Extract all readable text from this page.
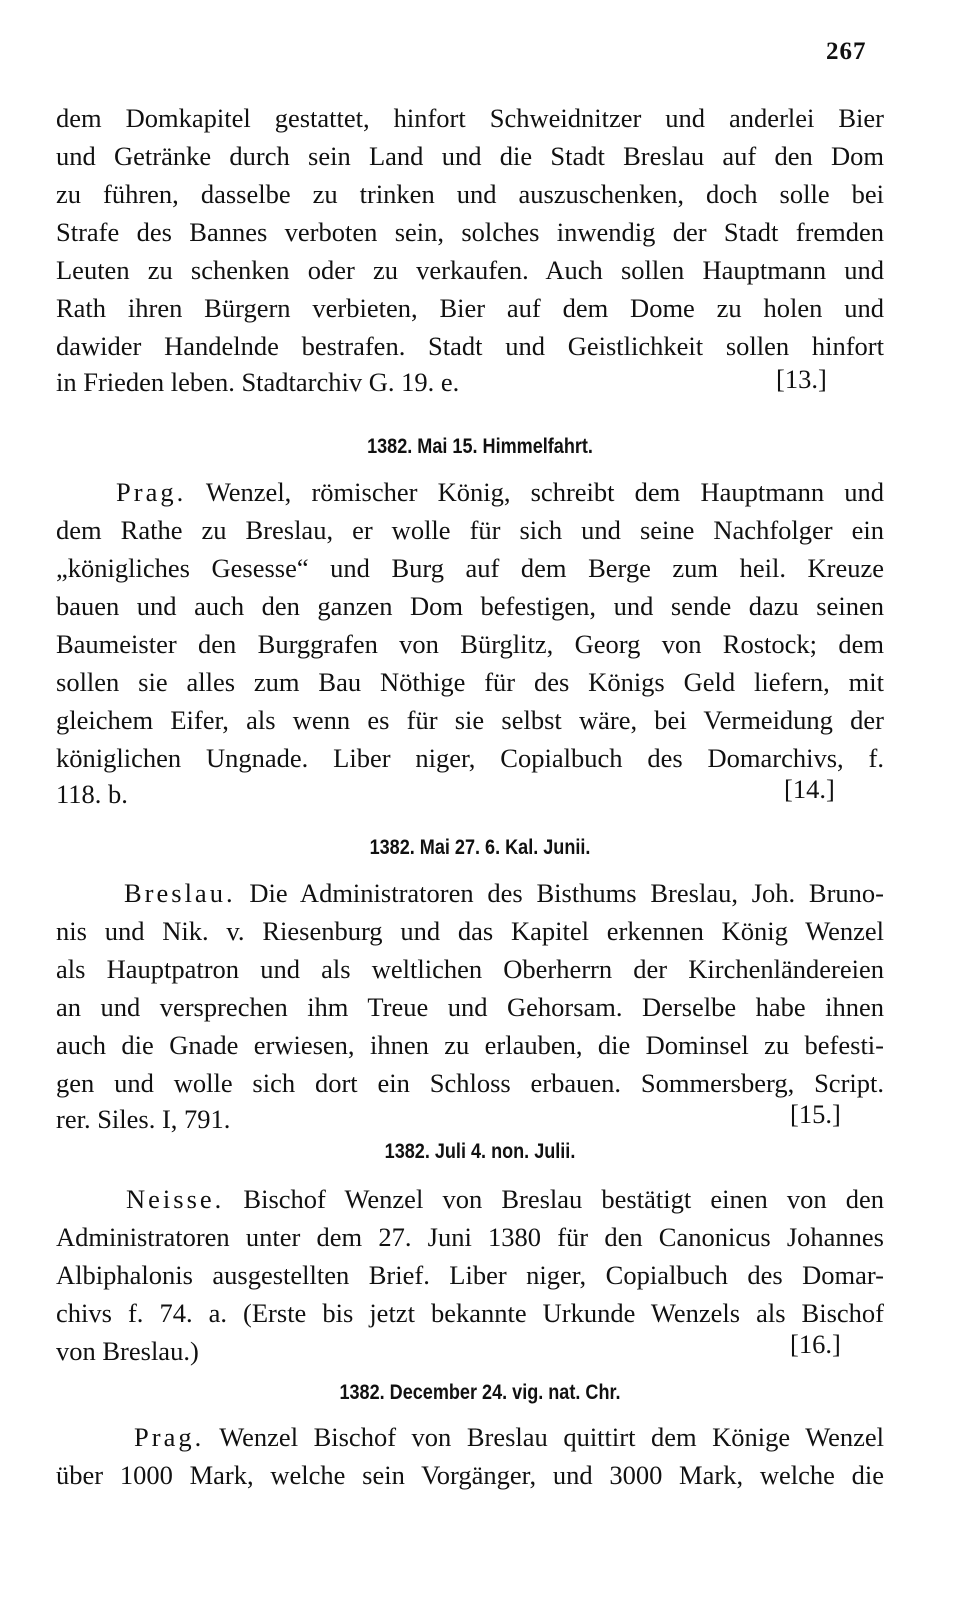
267
dem Domkapitel gestattet, hinfort Schweidnitzer und anderlei Bier
und Getränke durch sein Land und die Stadt Breslau auf den Dom
zu führen, dasselbe zu trinken und auszuschenken, doch solle bei
Strafe des Bannes verboten sein, solches inwendig der Stadt fremden
Leuten zu schenken oder zu verkaufen. Auch sollen Hauptmann und
Rath ihren Bürgern verbieten, Bier auf dem Dome zu holen und
dawider Handelnde bestrafen. Stadt und Geistlichkeit sollen hinfort
in Frieden leben. Stadtarchiv G. 19. e.	[13.]
1382. Mai 15. Himmelfahrt.
Prag. Wenzel, römischer König, schreibt dem Hauptmann und
dem Rathe zu Breslau, er wolle für sich und seine Nachfolger ein
„königliches Gesesse“ und Burg auf dem Berge zum heil. Kreuze
bauen und auch den ganzen Dom befestigen, und sende dazu seinen
Baumeister den Burggrafen von Bürglitz, Georg von Rostock; dem
sollen sie alles zum Bau Nöthige für des Königs Geld liefern, mit
gleichem Eifer, als wenn es für sie selbst wäre, bei Vermeidung der
königlichen Ungnade. Liber niger, Copialbuch des Domarchivs, f.
118. b.	[14.]
1382. Mai 27. 6. Kal. Junii.
Breslau. Die Administratoren des Bisthums Breslau, Joh. Bruno-
nis und Nik. v. Riesenburg und das Kapitel erkennen König Wenzel
als Hauptpatron und als weltlichen Oberherrn der Kirchenländereien
an und versprechen ihm Treue und Gehorsam. Derselbe habe ihnen
auch die Gnade erwiesen, ihnen zu erlauben, die Dominsel zu befesti-
gen und wolle sich dort ein Schloss erbauen. Sommersberg, Script.
rer. Siles. I, 791.	[15.]
1382. Juli 4. non. Julii.
Neisse. Bischof Wenzel von Breslau bestätigt einen von den
Administratoren unter dem 27. Juni 1380 für den Canonicus Johannes
Albiphalonis ausgestellten Brief. Liber niger, Copialbuch des Domar-
chivs f. 74. a. (Erste bis jetzt bekannte Urkunde Wenzels als Bischof
von Breslau.)	[16.]
1382. December 24. vig. nat. Chr.
Prag. Wenzel Bischof von Breslau quittirt dem Könige Wenzel
über 1000 Mark, welche sein Vorgänger, und 3000 Mark, welche die
